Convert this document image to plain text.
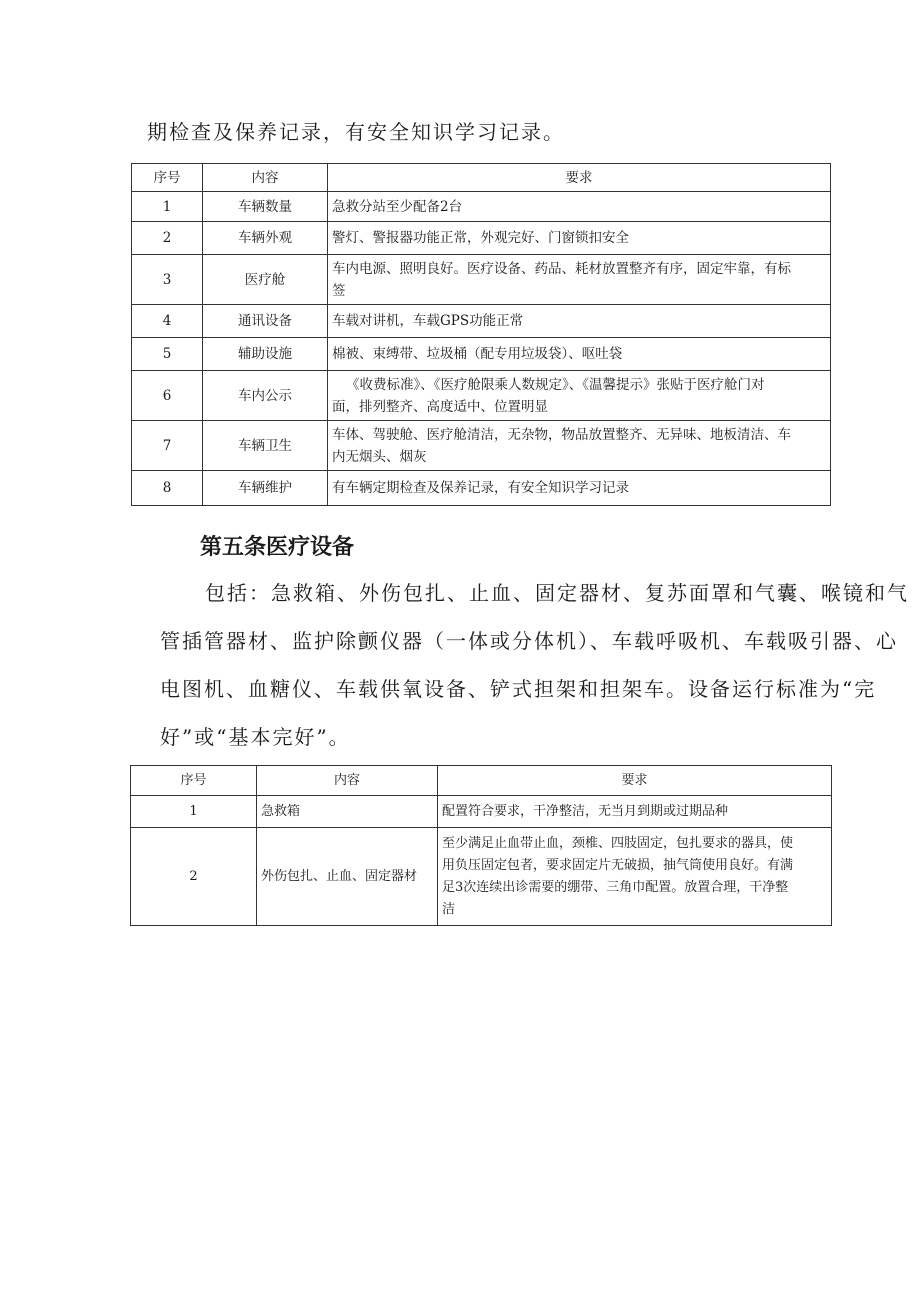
期检查及保养记录，有安全知识学习记录。
序号	内容	要求
1	车辆数量	急救分站至少配备2台
2	车辆外观	警灯、警报器功能正常，外观完好、门窗锁扣安全
3	医疗舱	车内电源、照明良好。医疗设备、药品、耗材放置整齐有序，固定牢靠，有标
签

4	通讯设备	车载对讲机，车载GPS功能正常
5	辅助设施	棉被、束缚带、垃圾桶（配专用垃圾袋）、呕吐袋
6	车内公示	《收费标准》、《医疗舱限乘人数规定》、《温馨提示》张贴于医疗舱门对
面，排列整齐、高度适中、位置明显

7	车辆卫生	车体、驾驶舱、医疗舱清洁，无杂物，物品放置整齐、无异味、地板清洁、车
内无烟头、烟灰

8	车辆维护	有车辆定期检查及保养记录，有安全知识学习记录
第五条医疗设备
包括：急救箱、外伤包扎、止血、固定器材、复苏面罩和气囊、喉镜和气
管插管器材、监护除颤仪器（一体或分体机）、车载呼吸机、车载吸引器、心
电图机、血糖仪、车载供氧设备、铲式担架和担架车。设备运行标准为“完
好”或“基本完好”。
序号	内容	要求
1	急救箱	配置符合要求，干净整洁，无当月到期或过期品种

2	外伤包扎、止血、固定器材	至少满足止血带止血，颈椎、四肢固定，包扎要求的器具，使
用负压固定包者，要求固定片无破损，抽气筒使用良好。有满
足3次连续出诊需要的绷带、三角巾配置。放置合理，干净整
洁
